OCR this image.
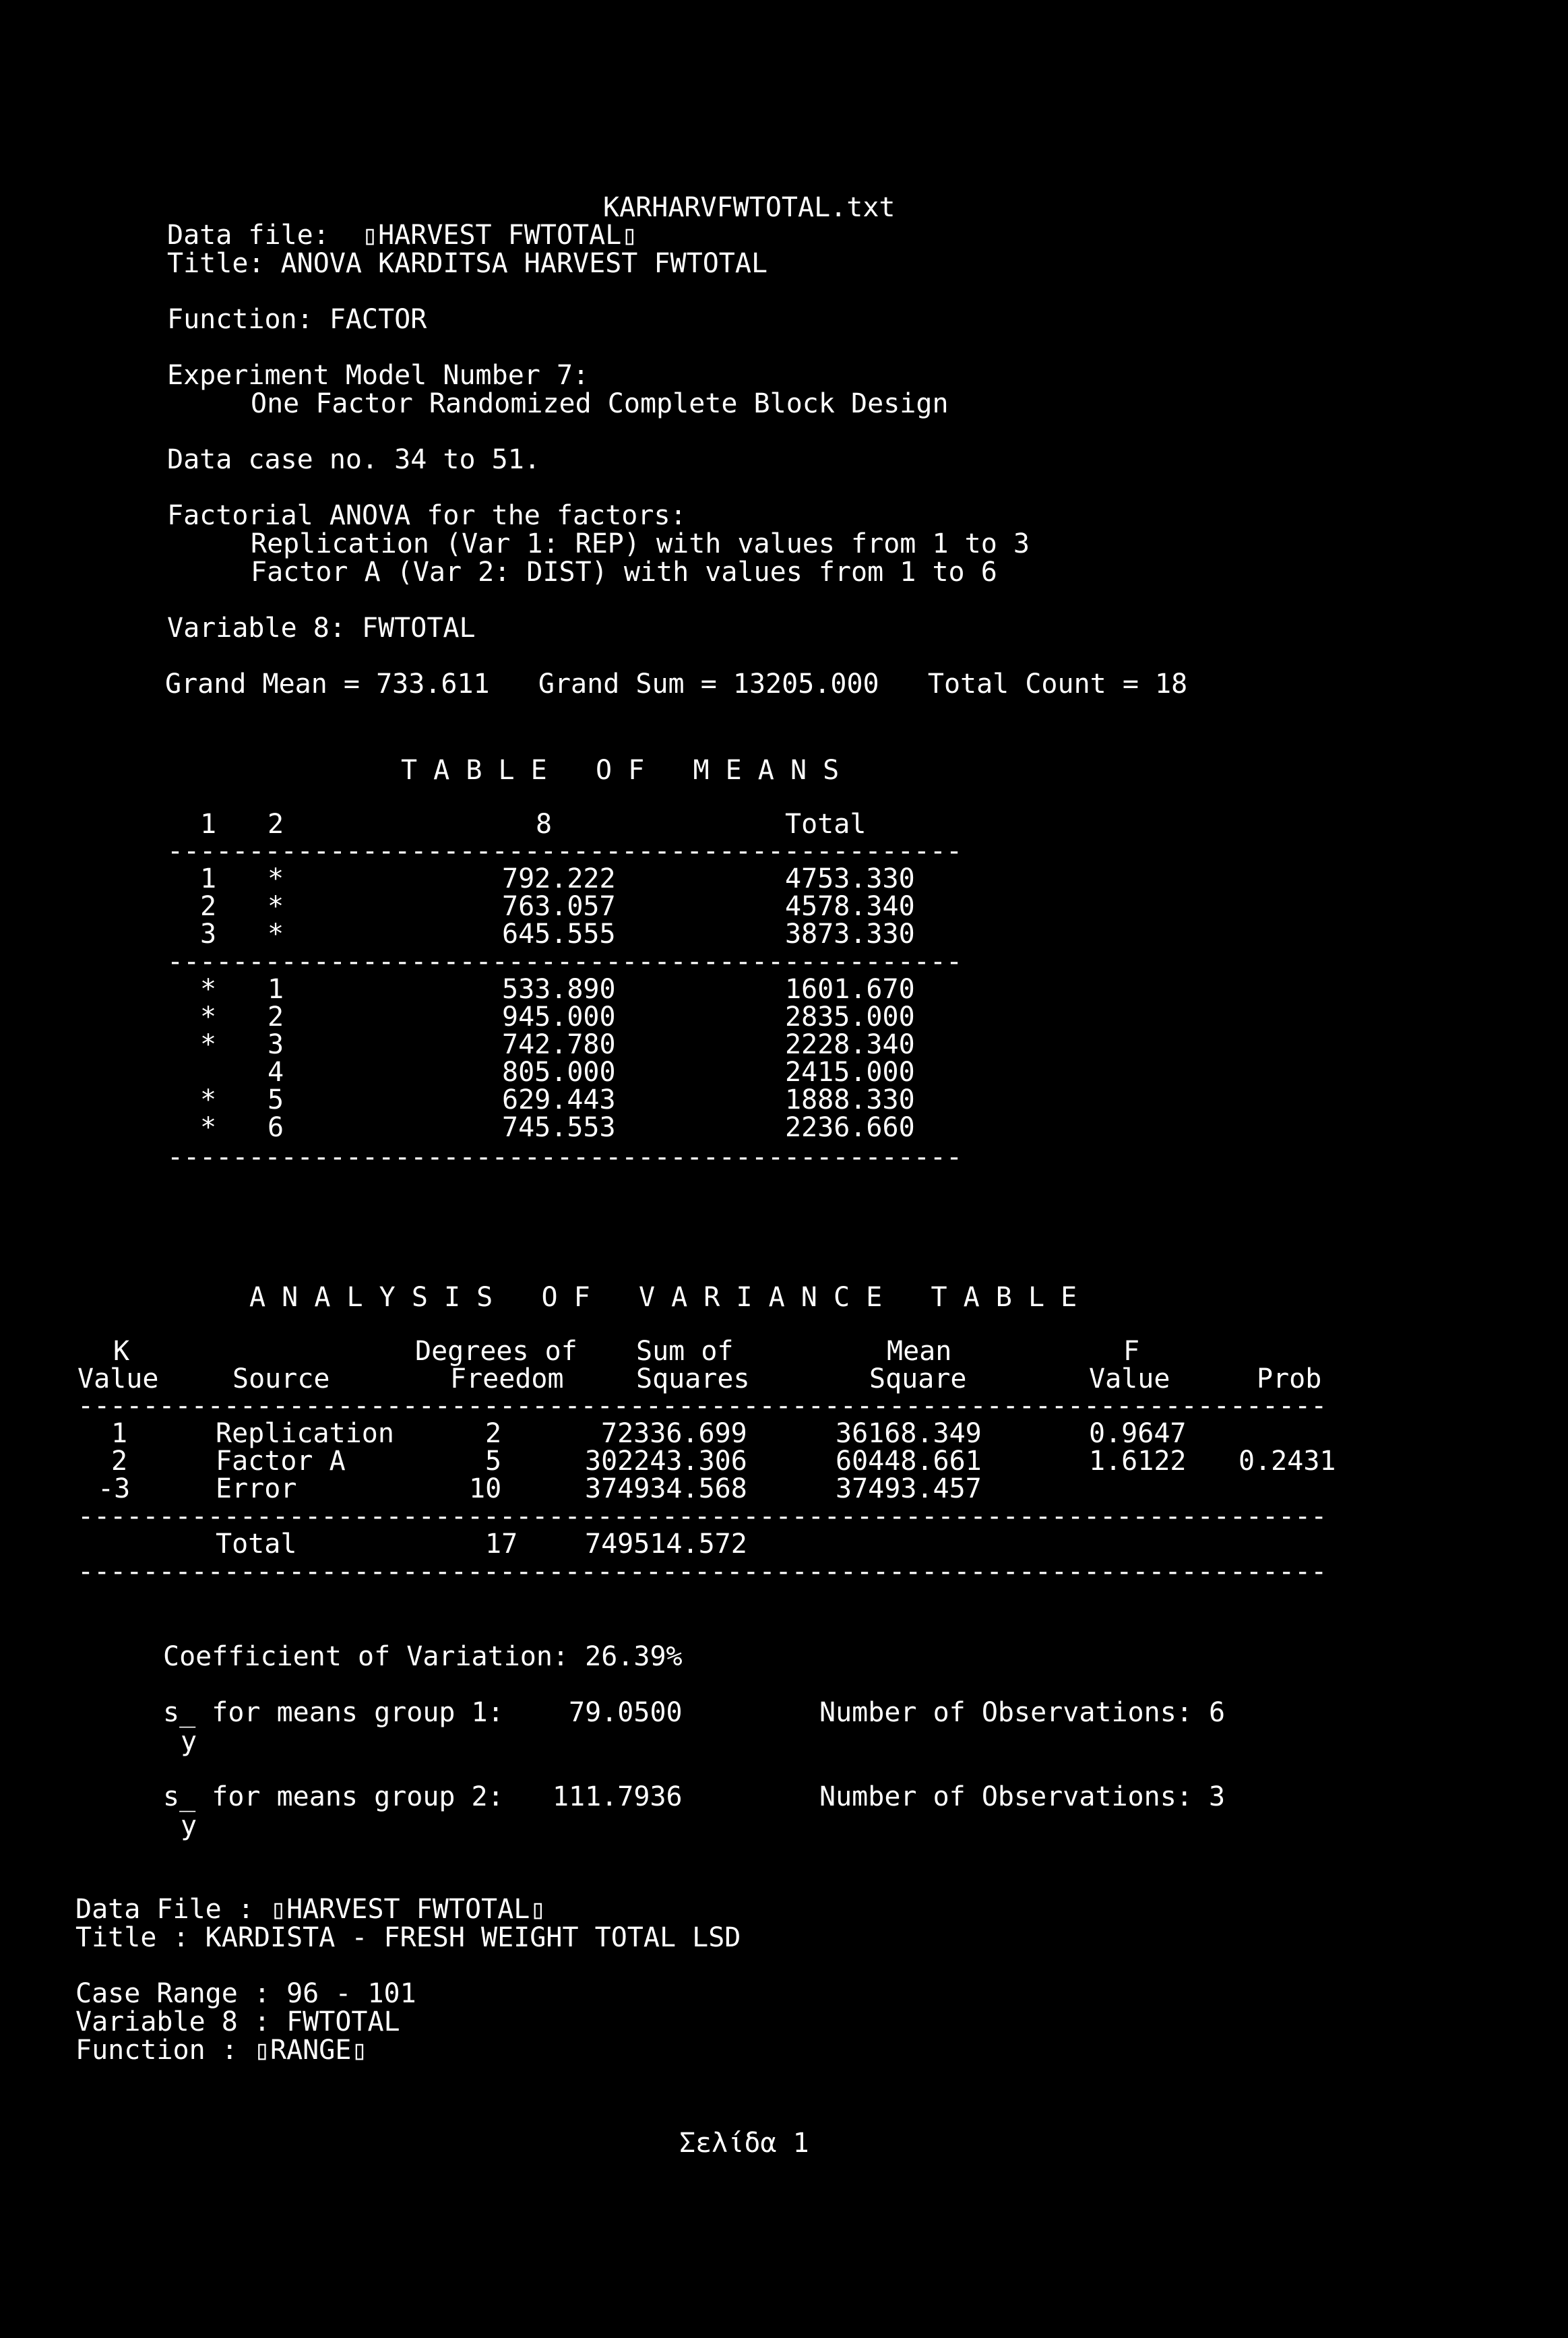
KARHARVFWTOTAL.txt
Data file:  ▯HARVEST FWTOTAL▯
Title: ANOVA KARDITSA HARVEST FWTOTAL
Function: FACTOR
Experiment Model Number 7:
One Factor Randomized Complete Block Design
Data case no. 34 to 51.
Factorial ANOVA for the factors:
Replication (Var 1: REP) with values from 1 to 3
Factor A (Var 2: DIST) with values from 1 to 6
Variable 8: FWTOTAL
Grand Mean = 733.611   Grand Sum = 13205.000   Total Count = 18
T A B L E   O F   M E A N S
1 2	8	Total
-------------------------------------------------
1 *	792.222	4753.330
2 *	763.057	4578.340
3 *	645.555	3873.330
* 1	533.890	1601.670
* 2	945.000	2835.000
* 3	742.780	2228.340
4	805.000	2415.000
* 5	629.443	1888.330
* 6	745.553	2236.660
-------------------------------------------------
-------------------------------------------------
A N A L Y S I S   O F   V A R I A N C E   T A B L E
K	Degrees of Sum of	Mean	F
Value	Source	Freedom	Squares	Square	Value	Prob
-----------------------------------------------------------------------------
1	Replication	2	72336.699	36168.349	0.9647
2	Factor A	5	302243.306	60448.661	1.6122 0.2431
-3	Error	10	374934.568	37493.457
-----------------------------------------------------------------------------
Total	17 749514.572
-----------------------------------------------------------------------------
Coefficient of Variation: 26.39%
s_ for means group 1:    79.0500	Number of Observations: 6
y
s_ for means group 2:   111.7936	Number of Observations: 3
y
Data File : ▯HARVEST FWTOTAL▯
Title : KARDISTA - FRESH WEIGHT TOTAL LSD
Case Range : 96 - 101
Variable 8 : FWTOTAL
Function : ▯RANGE▯
Σελίδα 1
